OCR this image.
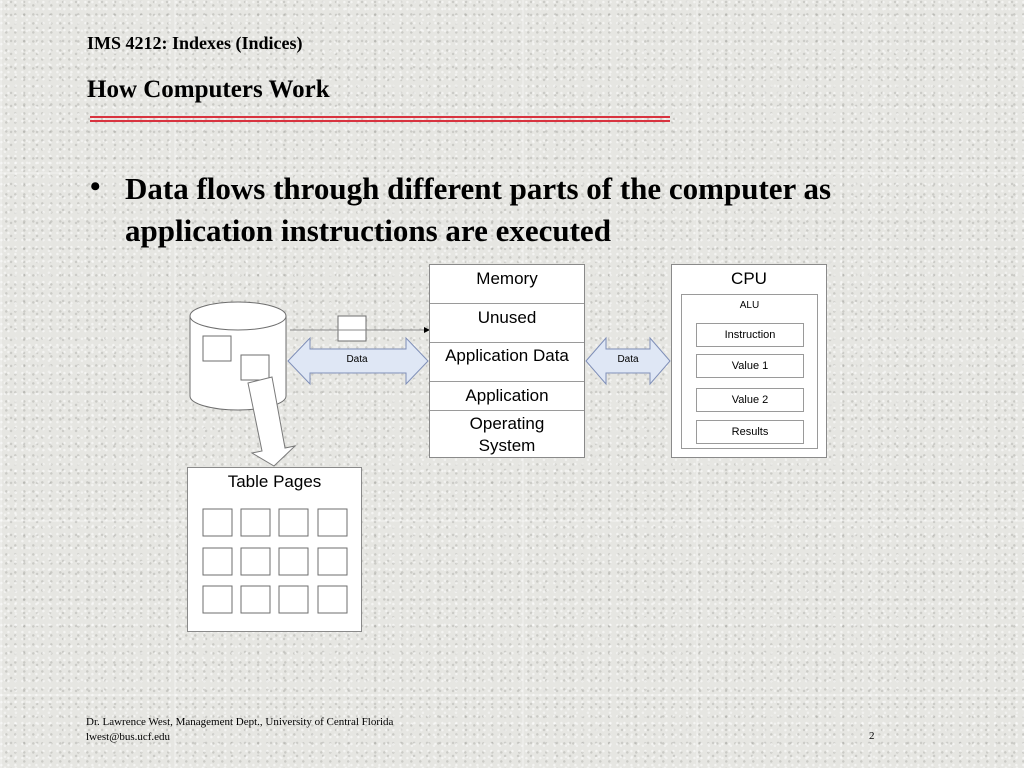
IMS 4212: Indexes (Indices)
How Computers Work
• Data flows through different parts of the computer as application instructions are executed
Data	Data
Memory
Unused
Application Data
Application
Operating System
CPU
ALU
Instruction
Value 1
Value 2
Results
Table Pages
Dr. Lawrence West, Management Dept., University of Central Florida
lwest@bus.ucf.edu	2
